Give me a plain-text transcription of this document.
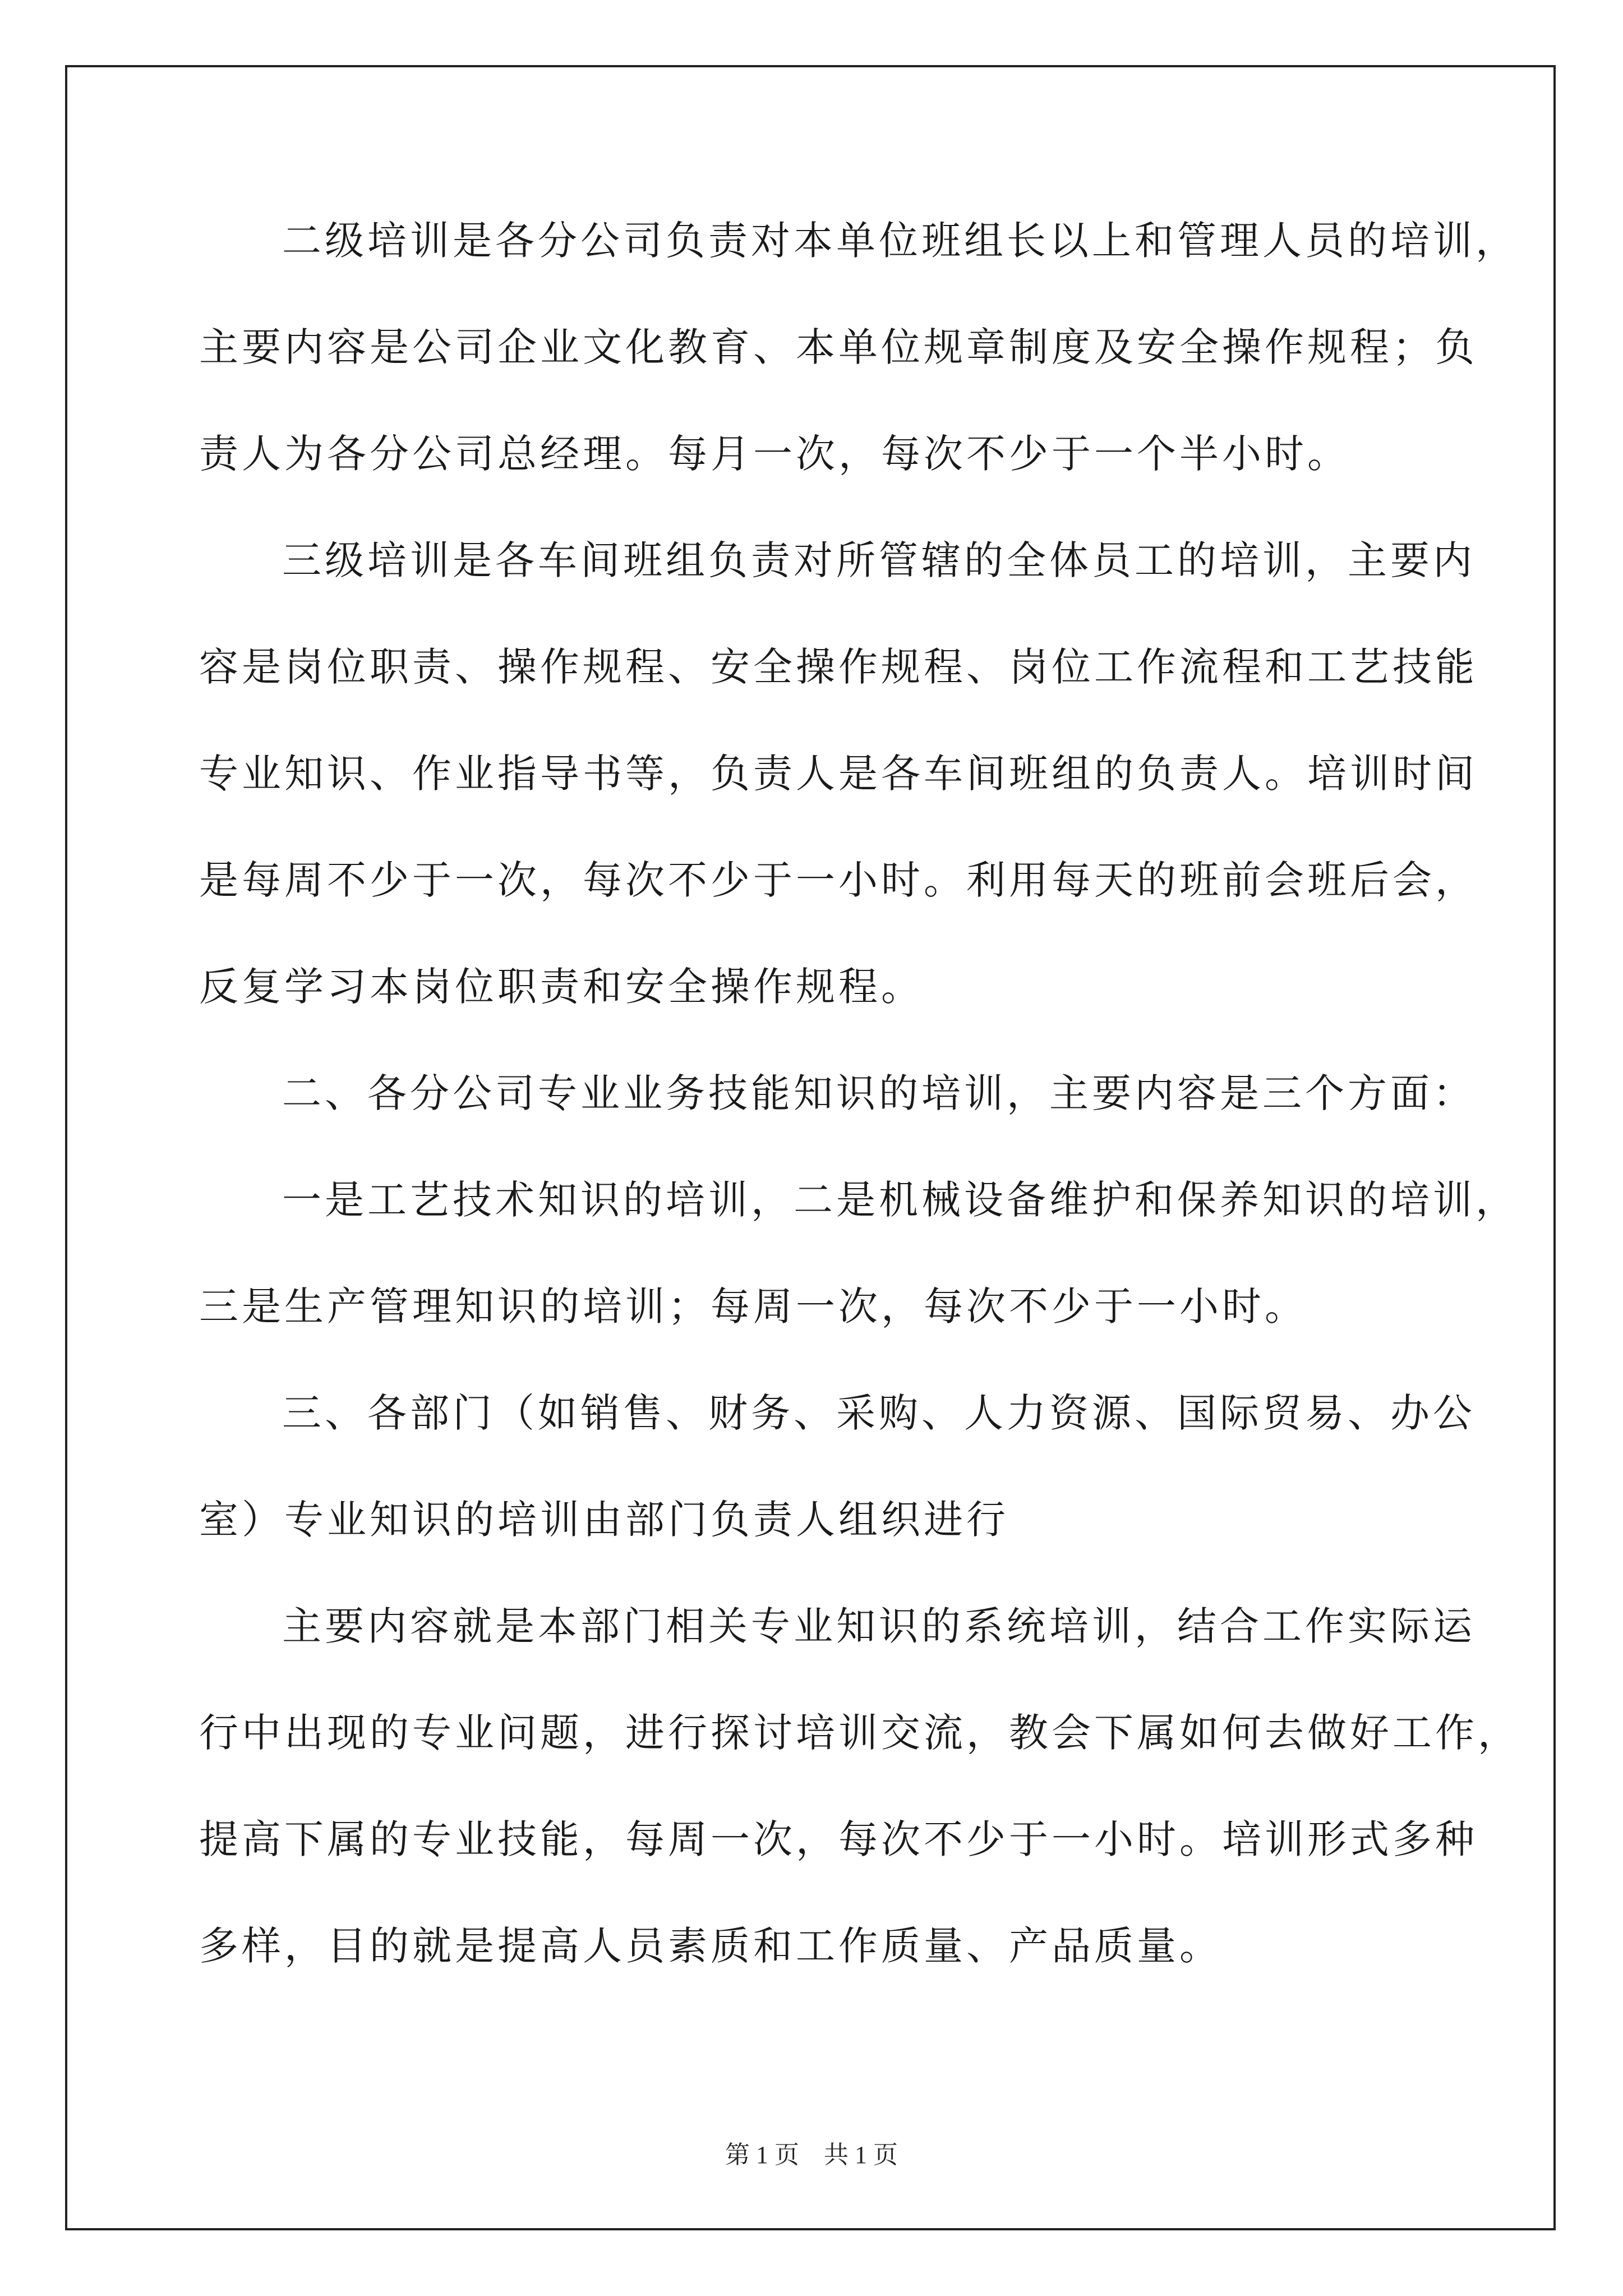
二级培训是各分公司负责对本单位班组长以上和管理人员的培训，
主要内容是公司企业文化教育、本单位规章制度及安全操作规程；负
责人为各分公司总经理。每月一次，每次不少于一个半小时。
三级培训是各车间班组负责对所管辖的全体员工的培训，主要内
容是岗位职责、操作规程、安全操作规程、岗位工作流程和工艺技能
专业知识、作业指导书等，负责人是各车间班组的负责人。培训时间
是每周不少于一次，每次不少于一小时。利用每天的班前会班后会，
反复学习本岗位职责和安全操作规程。
二、各分公司专业业务技能知识的培训，主要内容是三个方面：
一是工艺技术知识的培训，二是机械设备维护和保养知识的培训，
三是生产管理知识的培训；每周一次，每次不少于一小时。
三、各部门（如销售、财务、采购、人力资源、国际贸易、办公
室）专业知识的培训由部门负责人组织进行
主要内容就是本部门相关专业知识的系统培训，结合工作实际运
行中出现的专业问题，进行探讨培训交流，教会下属如何去做好工作，
提高下属的专业技能，每周一次，每次不少于一小时。培训形式多种
多样，目的就是提高人员素质和工作质量、产品质量。
第 1 页　共 1 页
